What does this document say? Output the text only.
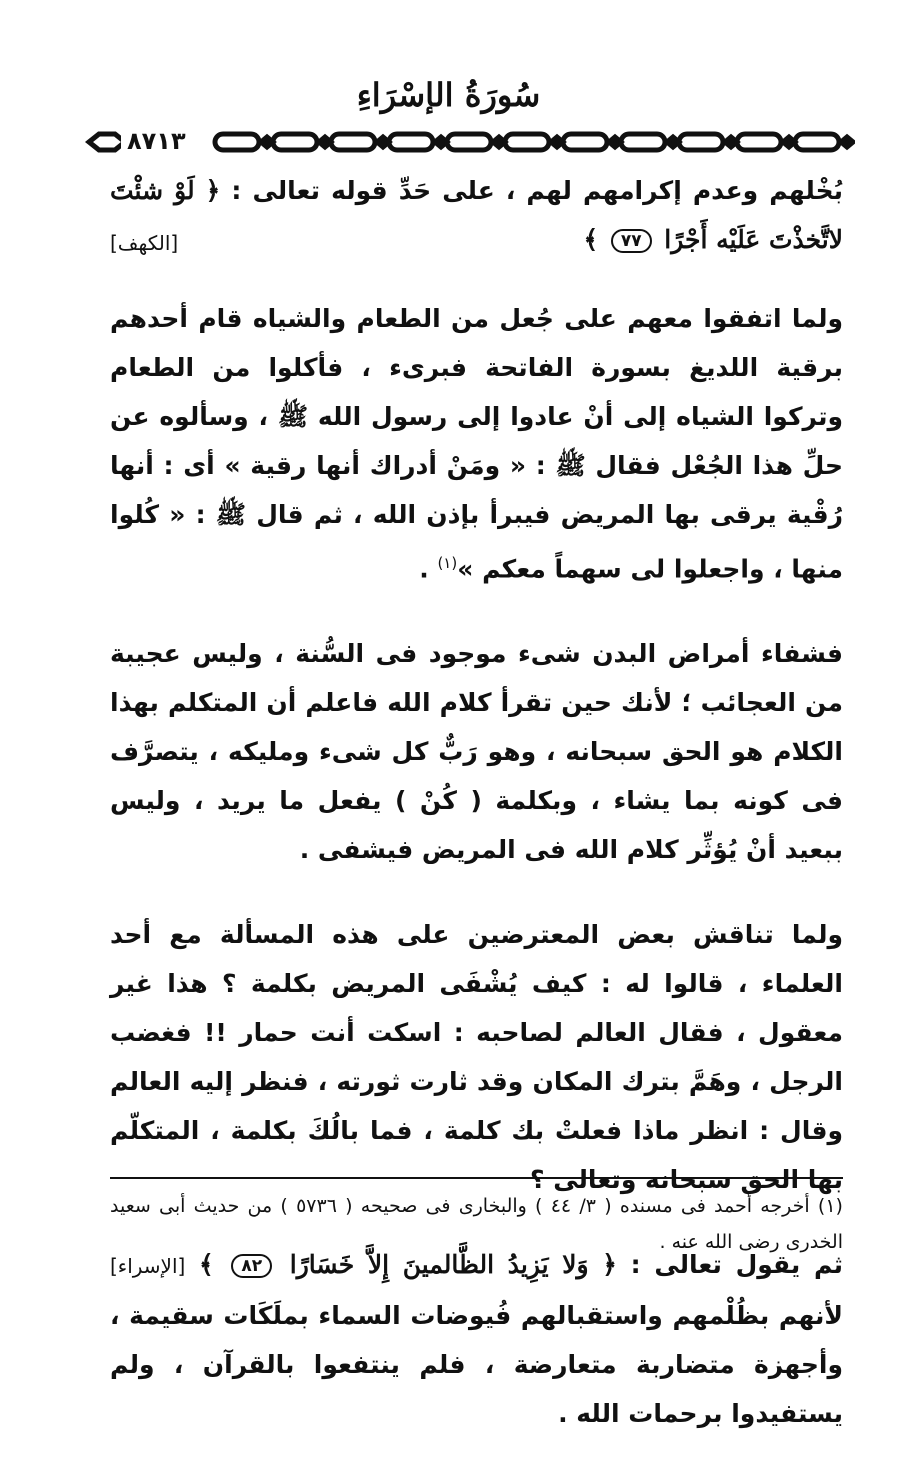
سُورَةُ الإسْرَاءِ
٨٧١٣

بُخْلهم وعدم إكرامهم لهم ، على حَدِّ قوله تعالى : ﴿ لَوْ شئْتَ لاتَّخذْتَ عَلَيْه أَجْرًا ٧٧ ﴾
[الكهف]

ولما اتفقوا معهم على جُعل من الطعام والشياه قام أحدهم برقية اللديغ بسورة الفاتحة فبرىء ، فأكلوا من الطعام وتركوا الشياه إلى أنْ عادوا إلى رسول الله ﷺ ، وسألوه عن حلِّ هذا الجُعْل فقال ﷺ : « ومَنْ أدراك أنها رقية » أى : أنها رُقْية يرقى بها المريض فيبرأ بإذن الله ، ثم قال ﷺ : « كُلوا منها ، واجعلوا لى سهماً معكم »$^{(١)}$ .

فشفاء أمراض البدن شىء موجود فى السُّنة ، وليس عجيبة من العجائب ؛ لأنك حين تقرأ كلام الله فاعلم أن المتكلم بهذا الكلام هو الحق سبحانه ، وهو رَبٌّ كل شىء ومليكه ، يتصرَّف فى كونه بما يشاء ، وبكلمة ( كُنْ ) يفعل ما يريد ، وليس ببعيد أنْ يُؤثِّر كلام الله فى المريض فيشفى .

ولما تناقش بعض المعترضين على هذه المسألة مع أحد العلماء ، قالوا له : كيف يُشْفَى المريض بكلمة ؟ هذا غير معقول ، فقال العالم لصاحبه : اسكت أنت حمار !! فغضب الرجل ، وهَمَّ بترك المكان وقد ثارت ثورته ، فنظر إليه العالم وقال : انظر ماذا فعلتْ بك كلمة ، فما بالُكَ بكلمة ، المتكلّم بها الحق سبحانه وتعالى ؟

ثم يقول تعالى : ﴿ وَلا يَزِيدُ الظَّالمينَ إِلاَّ خَسَارًا ٨٢ ﴾ [الإسراء] لأنهم بظُلْمهم واستقبالهم فُيوضات السماء بملَكَات سقيمة ، وأجهزة متضاربة متعارضة ، فلم ينتفعوا بالقرآن ، ولم يستفيدوا برحمات الله .

(١) أخرجه أحمد فى مسنده ( ٣/ ٤٤ ) والبخارى فى صحيحه ( ٥٧٣٦ ) من حديث أبى سعيد الخدرى رضى الله عنه .
